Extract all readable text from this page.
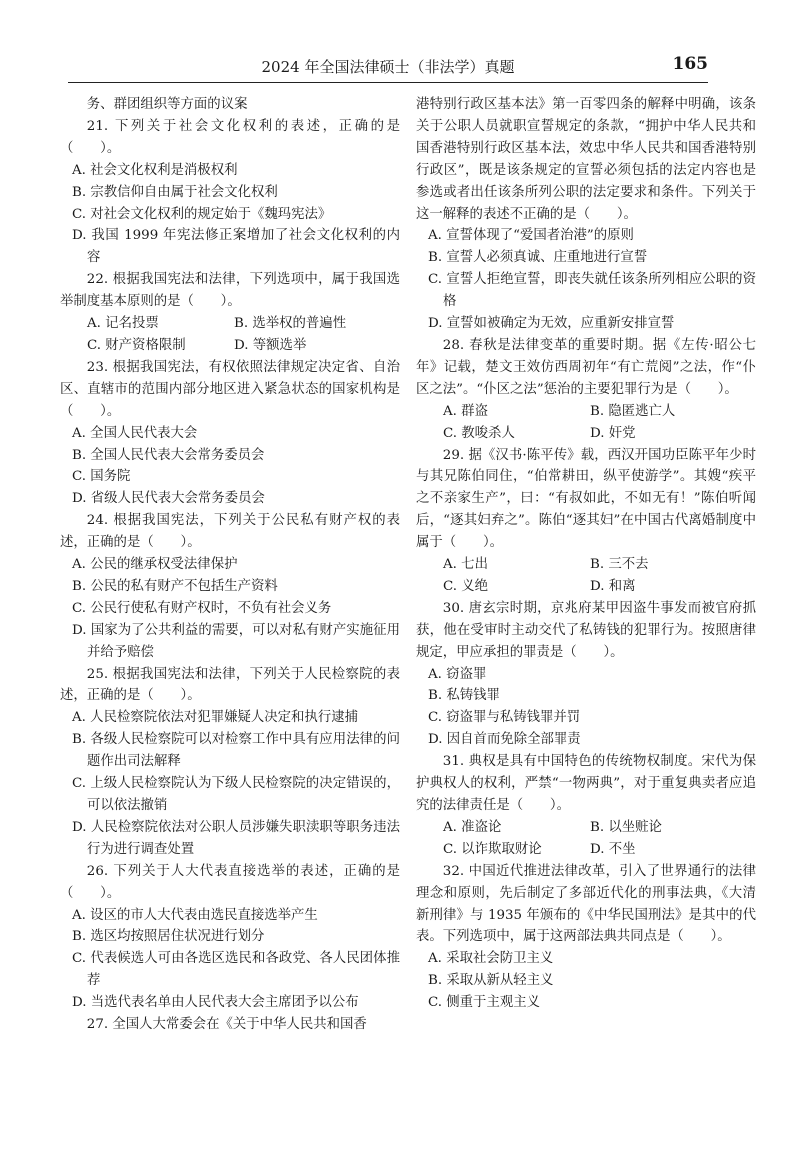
2024 年全国法律硕士（非法学）真题	165

务、群团组织等方面的议案

21. 下列关于社会文化权利的表述，正确的是（　　）。

A. 社会文化权利是消极权利

B. 宗教信仰自由属于社会文化权利

C. 对社会文化权利的规定始于《魏玛宪法》

D. 我国 1999 年宪法修正案增加了社会文化权利的内容

22. 根据我国宪法和法律，下列选项中，属于我国选举制度基本原则的是（　　）。

A. 记名投票	B. 选举权的普遍性
C. 财产资格限制	D. 等额选举

23. 根据我国宪法，有权依照法律规定决定省、自治区、直辖市的范围内部分地区进入紧急状态的国家机构是（　　）。

A. 全国人民代表大会

B. 全国人民代表大会常务委员会

C. 国务院

D. 省级人民代表大会常务委员会

24. 根据我国宪法，下列关于公民私有财产权的表述，正确的是（　　）。

A. 公民的继承权受法律保护

B. 公民的私有财产不包括生产资料

C. 公民行使私有财产权时，不负有社会义务

D. 国家为了公共利益的需要，可以对私有财产实施征用并给予赔偿

25. 根据我国宪法和法律，下列关于人民检察院的表述，正确的是（　　）。

A. 人民检察院依法对犯罪嫌疑人决定和执行逮捕

B. 各级人民检察院可以对检察工作中具有应用法律的问题作出司法解释

C. 上级人民检察院认为下级人民检察院的决定错误的，可以依法撤销

D. 人民检察院依法对公职人员涉嫌失职渎职等职务违法行为进行调查处置

26. 下列关于人大代表直接选举的表述，正确的是（　　）。

A. 设区的市人大代表由选民直接选举产生

B. 选区均按照居住状况进行划分

C. 代表候选人可由各选区选民和各政党、各人民团体推荐

D. 当选代表名单由人民代表大会主席团予以公布

27. 全国人大常委会在《关于中华人民共和国香

港特别行政区基本法》第一百零四条的解释中明确，该条关于公职人员就职宣誓规定的条款，“拥护中华人民共和国香港特别行政区基本法，效忠中华人民共和国香港特别行政区”，既是该条规定的宣誓必须包括的法定内容也是参选或者出任该条所列公职的法定要求和条件。下列关于这一解释的表述不正确的是（　　）。

A. 宣誓体现了“爱国者治港”的原则

B. 宣誓人必须真诚、庄重地进行宣誓

C. 宣誓人拒绝宣誓，即丧失就任该条所列相应公职的资格

D. 宣誓如被确定为无效，应重新安排宣誓

28. 春秋是法律变革的重要时期。据《左传·昭公七年》记载，楚文王效仿西周初年“有亡荒阅”之法，作“仆区之法”。“仆区之法”惩治的主要犯罪行为是（　　）。

A. 群盗	B. 隐匿逃亡人
C. 教唆杀人	D. 奸党

29. 据《汉书·陈平传》载，西汉开国功臣陈平年少时与其兄陈伯同住，“伯常耕田，纵平使游学”。其嫂“疾平之不亲家生产”，曰：“有叔如此，不如无有！”陈伯听闻后，“逐其妇弃之”。陈伯“逐其妇”在中国古代离婚制度中属于（　　）。

A. 七出	B. 三不去
C. 义绝	D. 和离

30. 唐玄宗时期，京兆府某甲因盗牛事发而被官府抓获，他在受审时主动交代了私铸钱的犯罪行为。按照唐律规定，甲应承担的罪责是（　　）。

A. 窃盗罪

B. 私铸钱罪

C. 窃盗罪与私铸钱罪并罚

D. 因自首而免除全部罪责

31. 典权是具有中国特色的传统物权制度。宋代为保护典权人的权利，严禁“一物两典”，对于重复典卖者应追究的法律责任是（　　）。

A. 准盗论	B. 以坐赃论
C. 以诈欺取财论	D. 不坐

32. 中国近代推进法律改革，引入了世界通行的法律理念和原则，先后制定了多部近代化的刑事法典，《大清新刑律》与 1935 年颁布的《中华民国刑法》是其中的代表。下列选项中，属于这两部法典共同点是（　　）。

A. 采取社会防卫主义

B. 采取从新从轻主义

C. 侧重于主观主义
